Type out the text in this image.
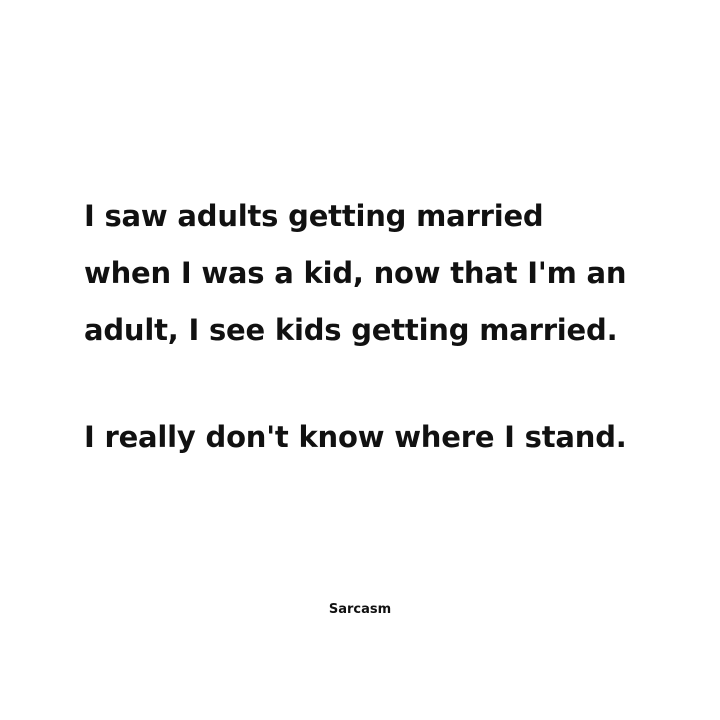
I saw adults getting married
when I was a kid, now that I'm an
adult, I see kids getting married.
I really don't know where I stand.
Sarcasm
